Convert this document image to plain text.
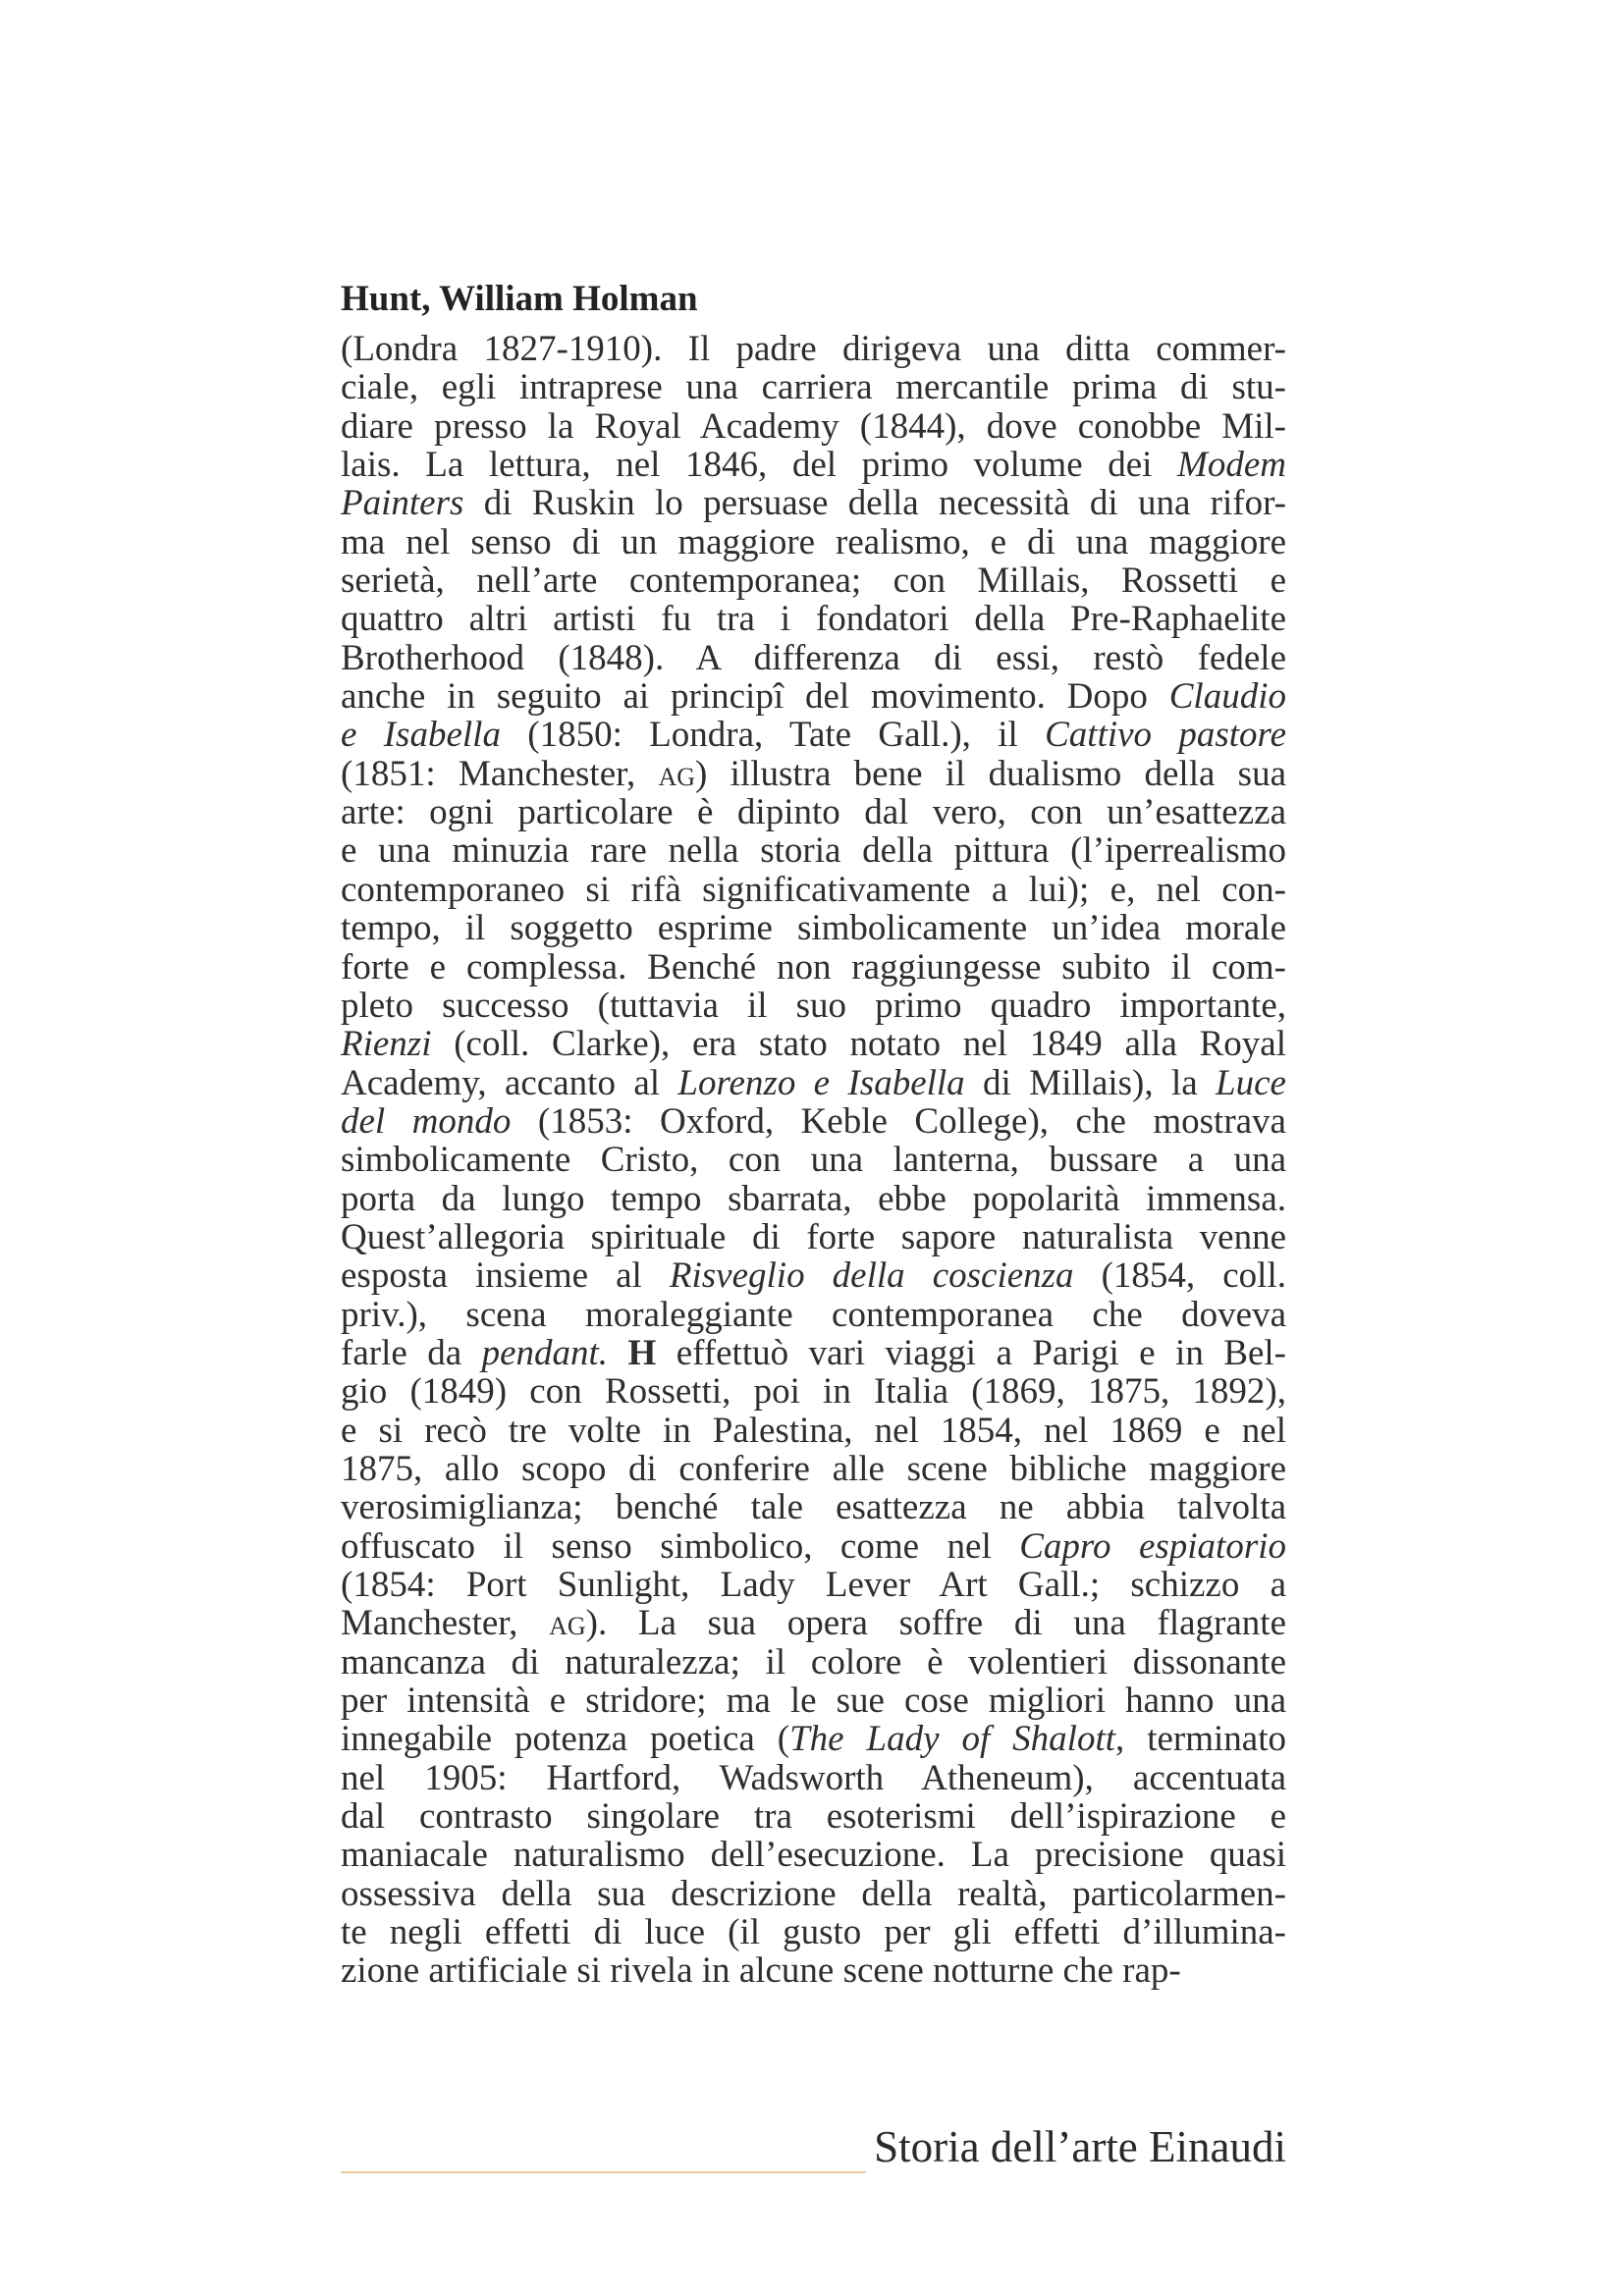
Hunt, William Holman
(Londra 1827-1910). Il padre dirigeva una ditta commer-
ciale, egli intraprese una carriera mercantile prima di stu-
diare presso la Royal Academy (1844), dove conobbe Mil-
lais. La lettura, nel 1846, del primo volume dei Modem
Painters di Ruskin lo persuase della necessità di una rifor-
ma nel senso di un maggiore realismo, e di una maggiore
serietà, nell’arte contemporanea; con Millais, Rossetti e
quattro altri artisti fu tra i fondatori della Pre-Raphaelite
Brotherhood (1848). A differenza di essi, restò fedele
anche in seguito ai principî del movimento. Dopo Claudio
e Isabella (1850: Londra, Tate Gall.), il Cattivo pastore
(1851: Manchester, ag) illustra bene il dualismo della sua
arte: ogni particolare è dipinto dal vero, con un’esattezza
e una minuzia rare nella storia della pittura (l’iperrealismo
contemporaneo si rifà significativamente a lui); e, nel con-
tempo, il soggetto esprime simbolicamente un’idea morale
forte e complessa. Benché non raggiungesse subito il com-
pleto successo (tuttavia il suo primo quadro importante,
Rienzi (coll. Clarke), era stato notato nel 1849 alla Royal
Academy, accanto al Lorenzo e Isabella di Millais), la Luce
del mondo (1853: Oxford, Keble College), che mostrava
simbolicamente Cristo, con una lanterna, bussare a una
porta da lungo tempo sbarrata, ebbe popolarità immensa.
Quest’allegoria spirituale di forte sapore naturalista venne
esposta insieme al Risveglio della coscienza (1854, coll.
priv.), scena moraleggiante contemporanea che doveva
farle da pendant. H effettuò vari viaggi a Parigi e in Bel-
gio (1849) con Rossetti, poi in Italia (1869, 1875, 1892),
e si recò tre volte in Palestina, nel 1854, nel 1869 e nel
1875, allo scopo di conferire alle scene bibliche maggiore
verosimiglianza; benché tale esattezza ne abbia talvolta
offuscato il senso simbolico, come nel Capro espiatorio
(1854: Port Sunlight, Lady Lever Art Gall.; schizzo a
Manchester, ag). La sua opera soffre di una flagrante
mancanza di naturalezza; il colore è volentieri dissonante
per intensità e stridore; ma le sue cose migliori hanno una
innegabile potenza poetica (The Lady of Shalott, terminato
nel 1905: Hartford, Wadsworth Atheneum), accentuata
dal contrasto singolare tra esoterismi dell’ispirazione e
maniacale naturalismo dell’esecuzione. La precisione quasi
ossessiva della sua descrizione della realtà, particolarmen-
te negli effetti di luce (il gusto per gli effetti d’illumina-
zione artificiale si rivela in alcune scene notturne che rap-
Storia dell’arte Einaudi
